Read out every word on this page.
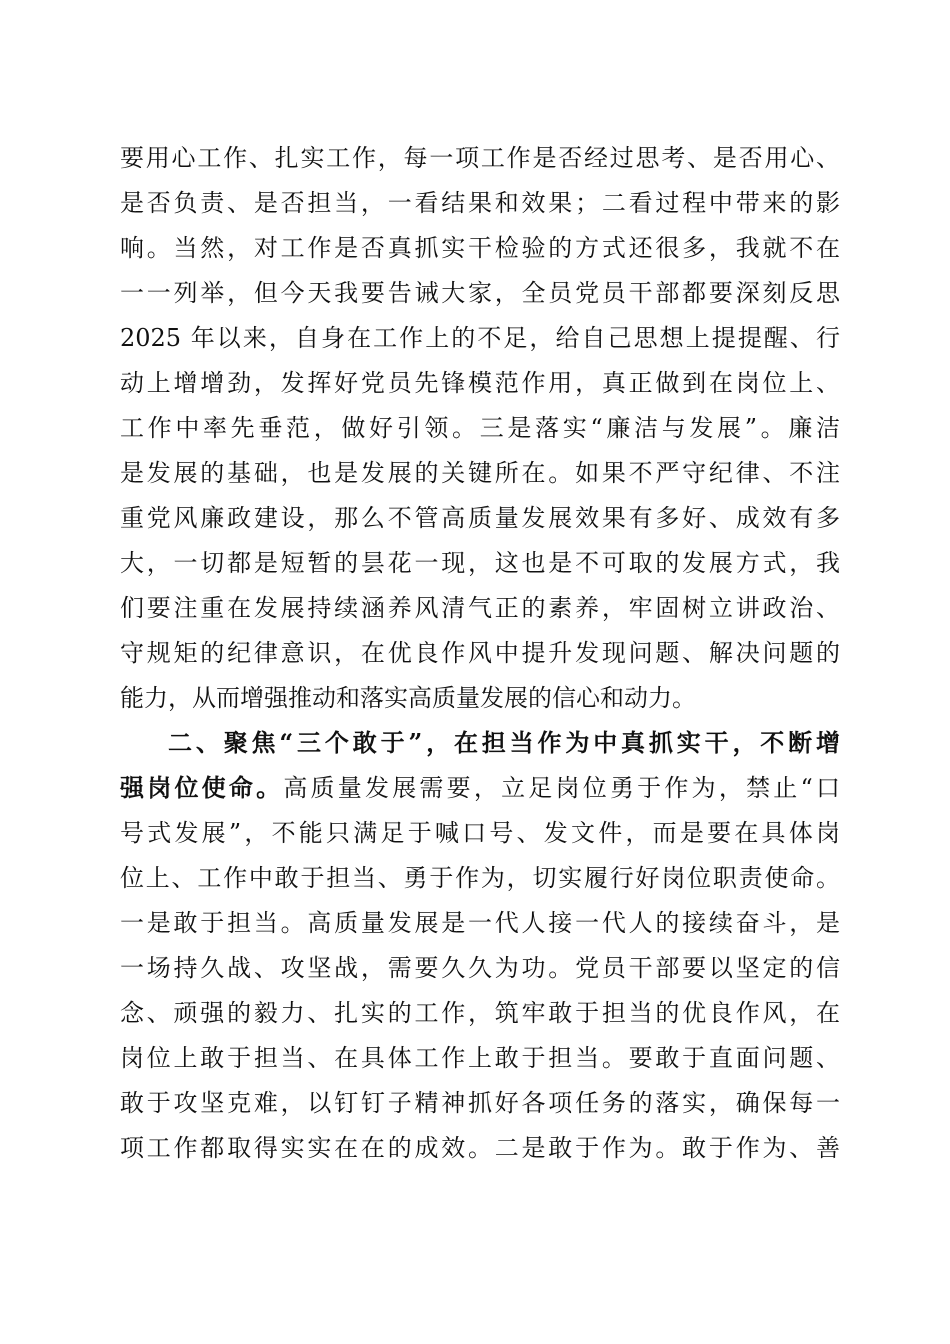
要用心工作、扎实工作，每一项工作是否经过思考、是否用心、
是否负责、是否担当，一看结果和效果；二看过程中带来的影
响。当然，对工作是否真抓实干检验的方式还很多，我就不在
一一列举，但今天我要告诫大家，全员党员干部都要深刻反思
2025 年以来，自身在工作上的不足，给自己思想上提提醒、行
动上增增劲，发挥好党员先锋模范作用，真正做到在岗位上、
工作中率先垂范，做好引领。三是落实“廉洁与发展”。廉洁
是发展的基础，也是发展的关键所在。如果不严守纪律、不注
重党风廉政建设，那么不管高质量发展效果有多好、成效有多
大，一切都是短暂的昙花一现，这也是不可取的发展方式，我
们要注重在发展持续涵养风清气正的素养，牢固树立讲政治、
守规矩的纪律意识，在优良作风中提升发现问题、解决问题的
能力，从而增强推动和落实高质量发展的信心和动力。
二、聚焦“三个敢于”，在担当作为中真抓实干，不断增
强岗位使命。高质量发展需要，立足岗位勇于作为，禁止“口
号式发展”，不能只满足于喊口号、发文件，而是要在具体岗
位上、工作中敢于担当、勇于作为，切实履行好岗位职责使命。
一是敢于担当。高质量发展是一代人接一代人的接续奋斗，是
一场持久战、攻坚战，需要久久为功。党员干部要以坚定的信
念、顽强的毅力、扎实的工作，筑牢敢于担当的优良作风，在
岗位上敢于担当、在具体工作上敢于担当。要敢于直面问题、
敢于攻坚克难，以钉钉子精神抓好各项任务的落实，确保每一
项工作都取得实实在在的成效。二是敢于作为。敢于作为、善
